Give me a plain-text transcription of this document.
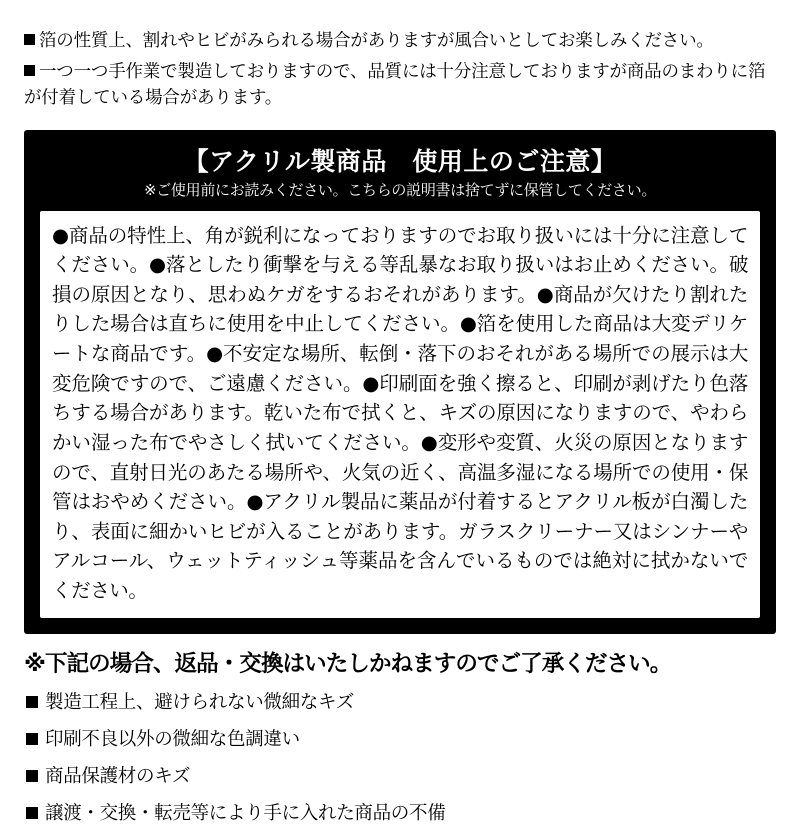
箔の性質上、割れやヒビがみられる場合がありますが風合いとしてお楽しみください。
一つ一つ手作業で製造しておりますので、品質には十分注意しておりますが商品のまわりに箔が付着している場合があります。
【アクリル製商品　使用上のご注意】
※ご使用前にお読みください。こちらの説明書は捨てずに保管してください。
●商品の特性上、角が鋭利になっておりますのでお取り扱いには十分に注意してください。●落としたり衝撃を与える等乱暴なお取り扱いはお止めください。破損の原因となり、思わぬケガをするおそれがあります。●商品が欠けたり割れたりした場合は直ちに使用を中止してください。●箔を使用した商品は大変デリケートな商品です。●不安定な場所、転倒・落下のおそれがある場所での展示は大変危険ですので、ご遠慮ください。●印刷面を強く擦ると、印刷が剥げたり色落ちする場合があります。乾いた布で拭くと、キズの原因になりますので、やわらかい湿った布でやさしく拭いてください。●変形や変質、火災の原因となりますので、直射日光のあたる場所や、火気の近く、高温多湿になる場所での使用・保管はおやめください。●アクリル製品に薬品が付着するとアクリル板が白濁したり、表面に細かいヒビが入ることがあります。ガラスクリーナー又はシンナーやアルコール、ウェットティッシュ等薬品を含んでいるものでは絶対に拭かないでください。
※下記の場合、返品・交換はいたしかねますのでご了承ください。
製造工程上、避けられない微細なキズ
印刷不良以外の微細な色調違い
商品保護材のキズ
譲渡・交換・転売等により手に入れた商品の不備
